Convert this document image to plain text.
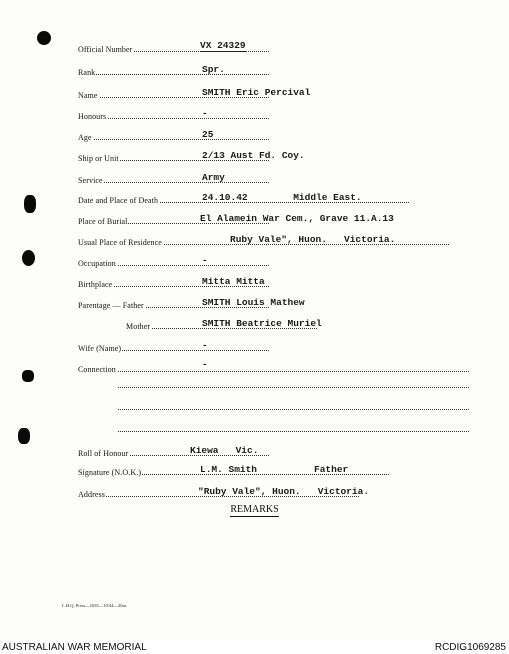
Official Number	VX 24329
Rank	Spr.
Name	SMITH Eric Percival
Honours	-
Age	25
Ship or Unit	2/13 Aust Fd. Coy.
Service	Army
Date and Place of Death	24.10.42        Middle East.
Place of Burial	El Alamein War Cem., Grave 11.A.13
Usual Place of Residence	Ruby Vale", Huon.   Victoria.
Occupation	-
Birthplace	Mitta Mitta
Parentage — Father	SMITH Louis Mathew
Mother	SMITH Beatrice Muriel
Wife (Name)	-
Connection	-
Roll of Honour	Kiewa   Vic.
Signature (N.O.K.)	L.M. Smith          Father
Address	"Ruby Vale", Huon.   Victoria.
REMARKS
L.H.Q. Press—1635—10/44—20m.
AUSTRALIAN WAR MEMORIAL	RCDIG1069285
